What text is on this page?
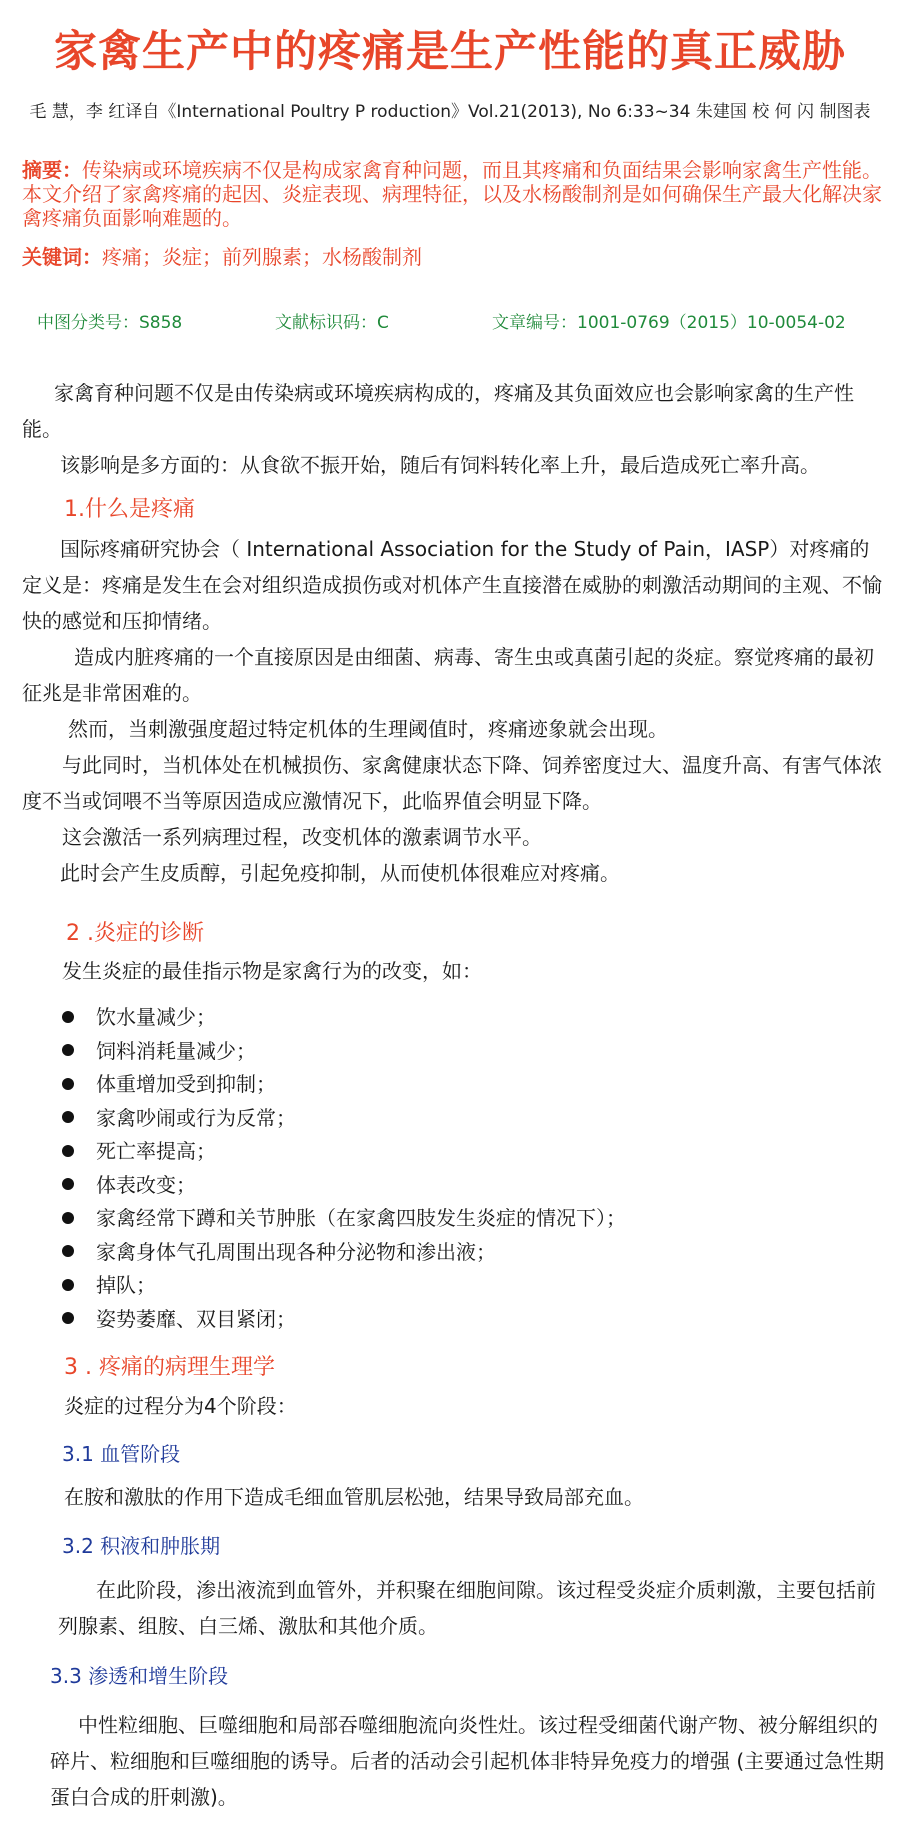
家禽生产中的疼痛是生产性能的真正威胁
毛 慧，李 红译自《International Poultry P roduction》Vol.21(2013), No 6:33~34 朱建国 校 何 闪 制图表
摘要：传染病或环境疾病不仅是构成家禽育种问题，而且其疼痛和负面结果会影响家禽生产性能。本文介绍了家禽疼痛的起因、炎症表现、病理特征，以及水杨酸制剂是如何确保生产最大化解决家禽疼痛负面影响难题的。
关键词：疼痛；炎症；前列腺素；水杨酸制剂
中图分类号：S858	文献标识码：C	文章编号：1001-0769（2015）10-0054-02
家禽育种问题不仅是由传染病或环境疾病构成的，疼痛及其负面效应也会影响家禽的生产性能。
该影响是多方面的：从食欲不振开始，随后有饲料转化率上升，最后造成死亡率升高。
1.什么是疼痛
国际疼痛研究协会（ International Association for the Study of Pain，IASP）对疼痛的定义是：疼痛是发生在会对组织造成损伤或对机体产生直接潜在威胁的刺激活动期间的主观、不愉快的感觉和压抑情绪。
造成内脏疼痛的一个直接原因是由细菌、病毒、寄生虫或真菌引起的炎症。察觉疼痛的最初征兆是非常困难的。
然而，当刺激强度超过特定机体的生理阈值时，疼痛迹象就会出现。
与此同时，当机体处在机械损伤、家禽健康状态下降、饲养密度过大、温度升高、有害气体浓度不当或饲喂不当等原因造成应激情况下，此临界值会明显下降。
这会激活一系列病理过程，改变机体的激素调节水平。
此时会产生皮质醇，引起免疫抑制，从而使机体很难应对疼痛。
2 .炎症的诊断
发生炎症的最佳指示物是家禽行为的改变，如：
饮水量减少；
饲料消耗量减少；
体重增加受到抑制；
家禽吵闹或行为反常；
死亡率提高；
体表改变；
家禽经常下蹲和关节肿胀（在家禽四肢发生炎症的情况下）；
家禽身体气孔周围出现各种分泌物和渗出液；
掉队；
姿势萎靡、双目紧闭；
3 . 疼痛的病理生理学
炎症的过程分为4个阶段：
3.1 血管阶段
在胺和激肽的作用下造成毛细血管肌层松弛，结果导致局部充血。
3.2 积液和肿胀期
在此阶段，渗出液流到血管外，并积聚在细胞间隙。该过程受炎症介质刺激，主要包括前列腺素、组胺、白三烯、激肽和其他介质。
3.3 渗透和增生阶段
中性粒细胞、巨噬细胞和局部吞噬细胞流向炎性灶。该过程受细菌代谢产物、被分解组织的碎片、粒细胞和巨噬细胞的诱导。后者的活动会引起机体非特异免疫力的增强 (主要通过急性期蛋白合成的肝刺激)。
